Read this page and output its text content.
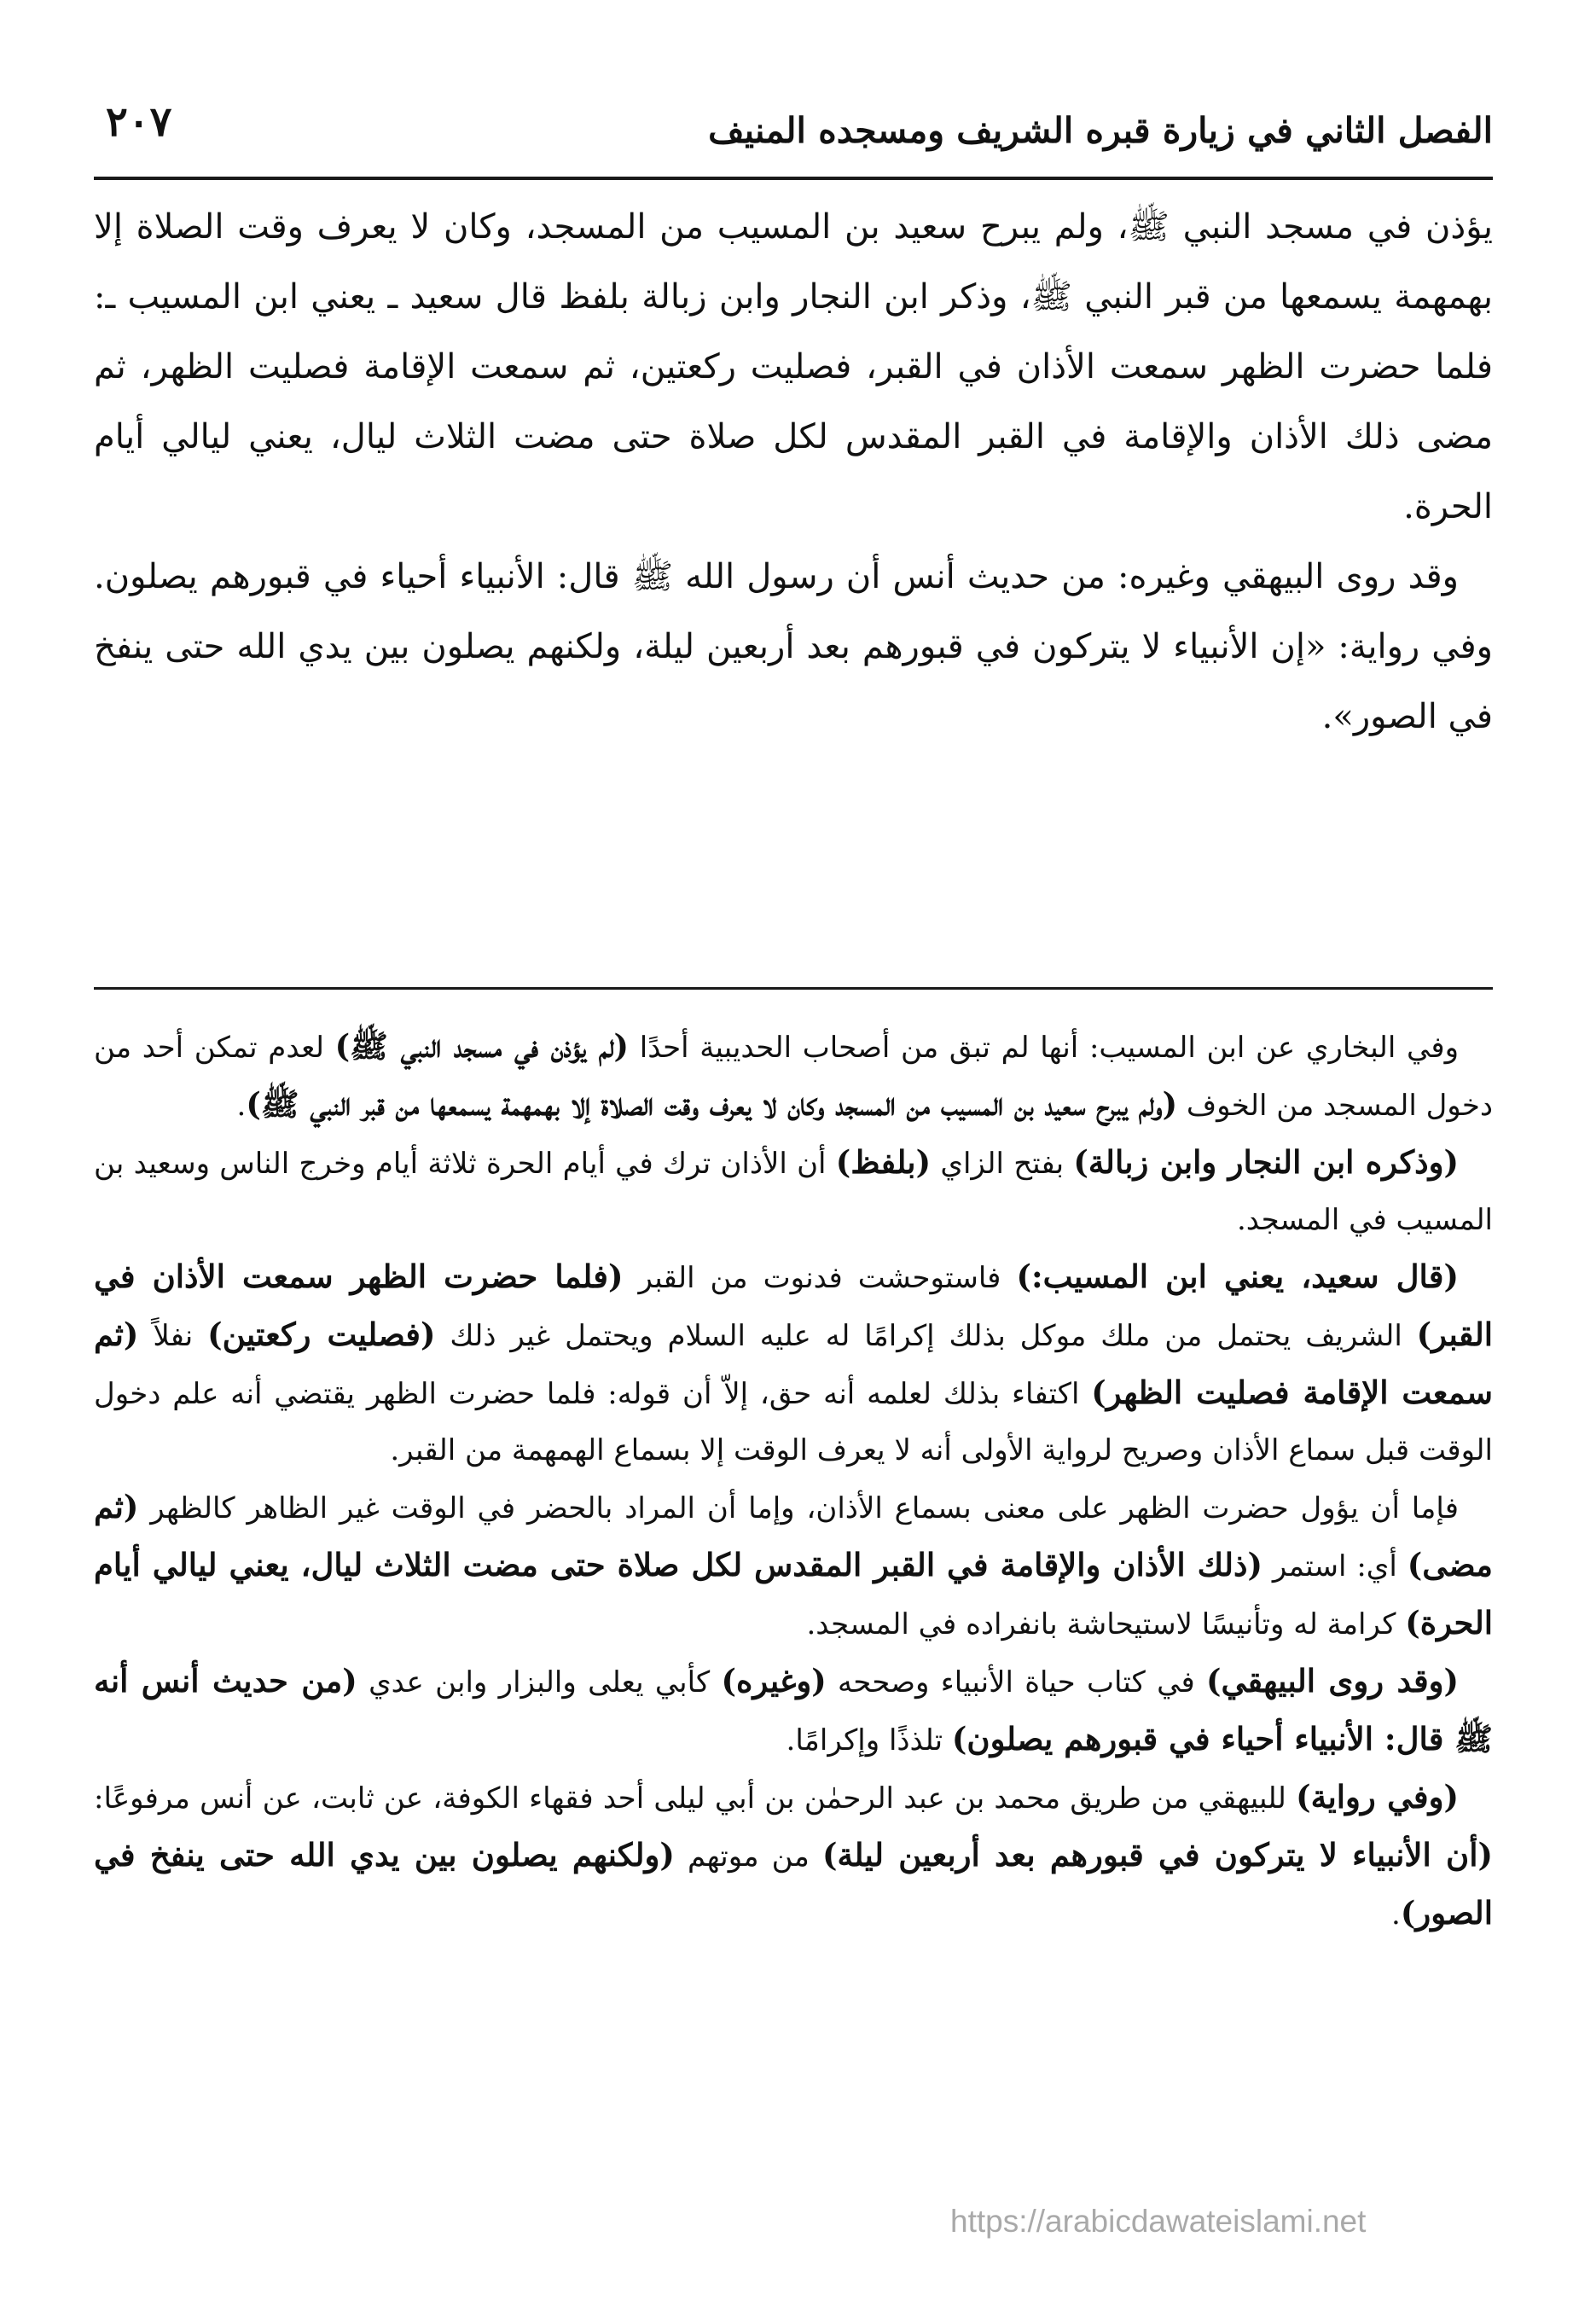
الفصل الثاني في زيارة قبره الشريف ومسجده المنيف
٢٠٧

يؤذن في مسجد النبي ﷺ، ولم يبرح سعيد بن المسيب من المسجد، وكان لا يعرف وقت الصلاة إلا بهمهمة يسمعها من قبر النبي ﷺ، وذكر ابن النجار وابن زبالة بلفظ قال سعيد ـ يعني ابن المسيب ـ: فلما حضرت الظهر سمعت الأذان في القبر، فصليت ركعتين، ثم سمعت الإقامة فصليت الظهر، ثم مضى ذلك الأذان والإقامة في القبر المقدس لكل صلاة حتى مضت الثلاث ليال، يعني ليالي أيام الحرة.

وقد روى البيهقي وغيره: من حديث أنس أن رسول الله ﷺ قال: الأنبياء أحياء في قبورهم يصلون. وفي رواية: «إن الأنبياء لا يتركون في قبورهم بعد أربعين ليلة، ولكنهم يصلون بين يدي الله حتى ينفخ في الصور».

وفي البخاري عن ابن المسيب: أنها لم تبق من أصحاب الحديبية أحدًا (لم يؤذن في مسجد النبي ﷺ) لعدم تمكن أحد من دخول المسجد من الخوف (ولم يبرح سعيد بن المسيب من المسجد وكان لا يعرف وقت الصلاة إلا بهمهمة يسمعها من قبر النبي ﷺ).

(وذكره ابن النجار وابن زبالة) بفتح الزاي (بلفظ) أن الأذان ترك في أيام الحرة ثلاثة أيام وخرج الناس وسعيد بن المسيب في المسجد.

(قال سعيد، يعني ابن المسيب:) فاستوحشت فدنوت من القبر (فلما حضرت الظهر سمعت الأذان في القبر) الشريف يحتمل من ملك موكل بذلك إكرامًا له عليه السلام ويحتمل غير ذلك (فصليت ركعتين) نفلاً (ثم سمعت الإقامة فصليت الظهر) اكتفاء بذلك لعلمه أنه حق، إلاّ أن قوله: فلما حضرت الظهر يقتضي أنه علم دخول الوقت قبل سماع الأذان وصريح لرواية الأولى أنه لا يعرف الوقت إلا بسماع الهمهمة من القبر.

فإما أن يؤول حضرت الظهر على معنى بسماع الأذان، وإما أن المراد بالحضر في الوقت غير الظاهر كالظهر (ثم مضى) أي: استمر (ذلك الأذان والإقامة في القبر المقدس لكل صلاة حتى مضت الثلاث ليال، يعني ليالي أيام الحرة) كرامة له وتأنيسًا لاستيحاشة بانفراده في المسجد.

(وقد روى البيهقي) في كتاب حياة الأنبياء وصححه (وغيره) كأبي يعلى والبزار وابن عدي (من حديث أنس أنه ﷺ قال: الأنبياء أحياء في قبورهم يصلون) تلذذًا وإكرامًا.

(وفي رواية) للبيهقي من طريق محمد بن عبد الرحمٰن بن أبي ليلى أحد فقهاء الكوفة، عن ثابت، عن أنس مرفوعًا: (أن الأنبياء لا يتركون في قبورهم بعد أربعين ليلة) من موتهم (ولكنهم يصلون بين يدي الله حتى ينفخ في الصور).

https://arabicdawateislami.net
